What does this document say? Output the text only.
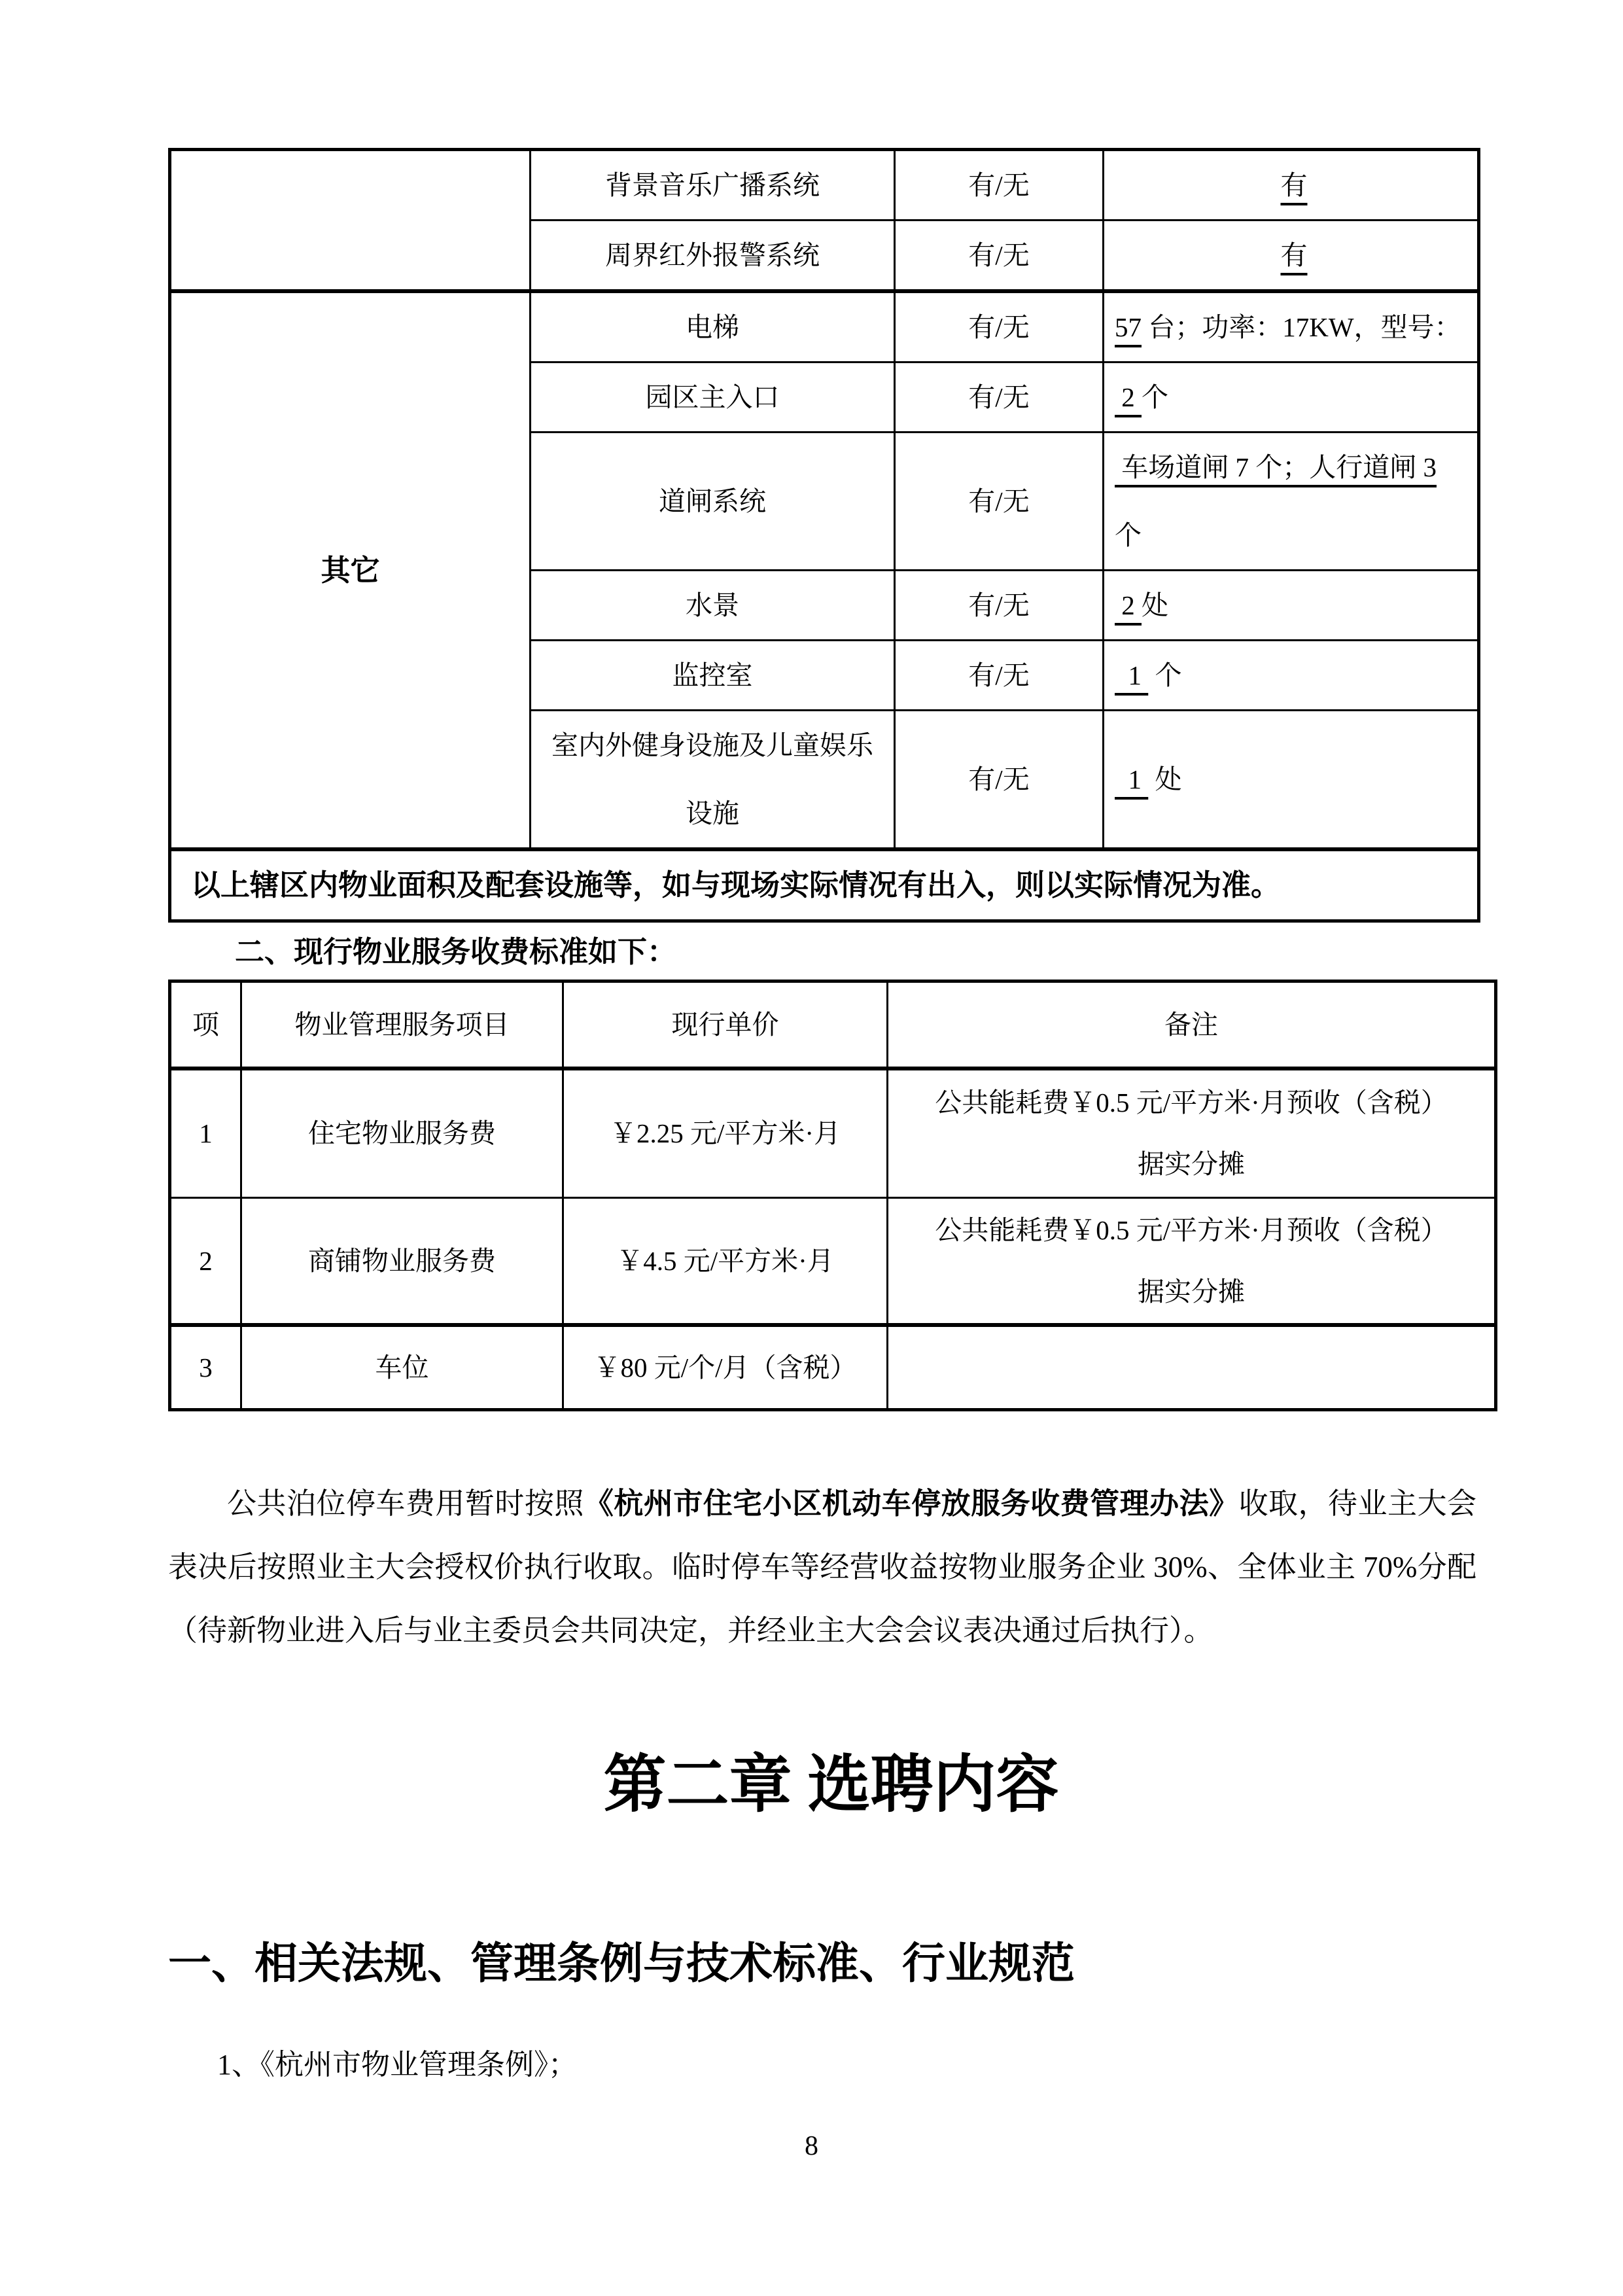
	背景音乐广播系统	有/无	有

	周界红外报警系统	有/无	有

其它	电梯	有/无	57 台；功率：17KW，型号：

	园区主入口	有/无	2 个

	道闸系统	有/无	车场道闸 7 个；人行道闸 3
个

	水景	有/无	2 处

	监控室	有/无	1  个

	室内外健身设施及儿童娱乐设施	有/无	1  处

以上辖区内物业面积及配套设施等，如与现场实际情况有出入，则以实际情况为准。			
二、现行物业服务收费标准如下：
项	物业管理服务项目	现行单价	备注
1	住宅物业服务费	￥2.25 元/平方米·月	公共能耗费￥0.5 元/平方米·月预收（含税）
据实分摊

2	商铺物业服务费	￥4.5 元/平方米·月	公共能耗费￥0.5 元/平方米·月预收（含税）
据实分摊

3	车位	￥80 元/个/月（含税）	

公共泊位停车费用暂时按照《杭州市住宅小区机动车停放服务收费管理办法》收取，待业主大会表决后按照业主大会授权价执行收取。临时停车等经营收益按物业服务企业 30%、全体业主 70%分配（待新物业进入后与业主委员会共同决定，并经业主大会会议表决通过后执行）。

第二章 选聘内容
一、相关法规、管理条例与技术标准、行业规范
1、《杭州市物业管理条例》；
8
